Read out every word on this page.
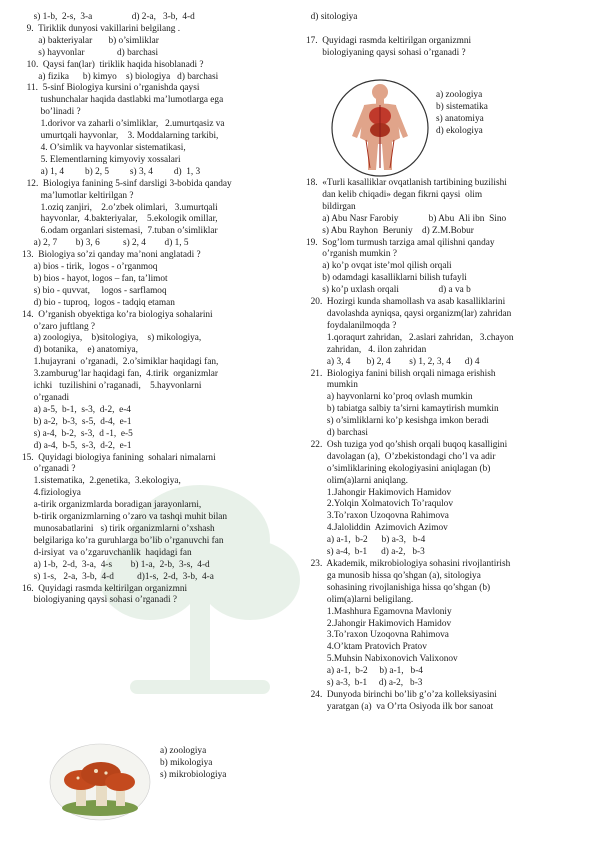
s) 1-b,  2-s,  3-a                 d) 2-a,   3-b,  4-d
9.  Tiriklik dunyosi vakillarini belgilang .
a) bakteriyalar       b) o’simliklar
s) hayvonlar              d) barchasi
10.  Qaysi fan(lar)  tiriklik haqida hisoblanadi ?
a) fizika      b) kimyo    s) biologiya   d) barchasi
11.  5-sinf Biologiya kursini o’rganishda qaysi
tushunchalar haqida dastlabki ma’lumotlarga ega
bo’linadi ?
1.dorivor va zaharli o’simliklar,   2.umurtqasiz va
umurtqali hayvonlar,    3. Moddalarning tarkibi,
4. O’simlik va hayvonlar sistematikasi,
5. Elementlarning kimyoviy xossalari
a) 1, 4         b) 2, 5         s) 3, 4         d)  1, 3
12.  Biologiya fanining 5-sinf darsligi 3-bobida qanday
ma’lumotlar keltirilgan ?
1.oziq zanjiri,    2.o’zbek olimlari,   3.umurtqali
hayvonlar,  4.bakteriyalar,    5.ekologik omillar,
6.odam organlari sistemasi,  7.tuban o’simliklar
a) 2, 7        b) 3, 6          s) 2, 4        d) 1, 5
13.  Biologiya so’zi qanday ma’noni anglatadi ?
a) bios - tirik,  logos - o’rganmoq
b) bios - hayot, logos – fan, ta’limot
s) bio - quvvat,     logos - sarflamoq
d) bio - tuproq,  logos - tadqiq etaman
14.  O’rganish obyektiga ko’ra biologiya sohalarini
o’zaro juftlang ?
a) zoologiya,    b)sitologiya,    s) mikologiya,
d) botanika,    e) anatomiya,
1.hujayrani  o’rganadi,  2.o’simiklar haqidagi fan,
3.zamburug’lar haqidagi fan,  4.tirik  organizmlar
ichki   tuzilishini o’raganadi,    5.hayvonlarni
o’rganadi
a) a-5,  b-1,  s-3,  d-2,  e-4
b) a-2,  b-3,  s-5,  d-4,  e-1
s) a-4,  b-2,  s-3,  d -1,  e-5
d) a-4,  b-5,  s-3,  d-2,  e-1
15.  Quyidagi biologiya fanining  sohalari nimalarni
o’rganadi ?
1.sistematika,  2.genetika,  3.ekologiya,
4.fiziologiya
a-tirik organizmlarda boradigan jarayonlarni,
b-tirik organizmlarning o’zaro va tashqi muhit bilan
munosabatlarini   s) tirik organizmlarni o’xshash
belgilariga ko’ra guruhlarga bo’lib o’rganuvchi fan
d-irsiyat  va o’zgaruvchanlik  haqidagi fan
a) 1-b,  2-d,  3-a,  4-s        b) 1-a,  2-b,  3-s,  4-d
s) 1-s,   2-a,  3-b,  4-d          d)1-s,  2-d,  3-b,  4-a
16.  Quyidagi rasmda keltirilgan organizmni
biologiyaning qaysi sohasi o’rganadi ?
a) zoologiya
b) mikologiya
s) mikrobiologiya
d) sitologiya

17.  Quyidagi rasmda keltirilgan organizmni
biologiyaning qaysi sohasi o’rganadi ?
a) zoologiya
b) sistematika
s) anatomiya
d) ekologiya
18.  «Turli kasalliklar ovqatlanish tartibining buzilishi
dan kelib chiqadi» degan fikrni qaysi  olim
bildirgan
a) Abu Nasr Farobiy             b) Abu  Ali ibn  Sino
s) Abu Rayhon  Beruniy    d) Z.M.Bobur
19.  Sog’lom turmush tarziga amal qilishni qanday
o’rganish mumkin ?
a) ko’p ovqat iste’mol qilish orqali
b) odamdagi kasalliklarni bilish tufayli
s) ko’p uxlash orqali                 d) a va b
20.  Hozirgi kunda shamollash va asab kasalliklarini
davolashda ayniqsa, qaysi organizm(lar) zahridan
foydalanilmoqda ?
1.qoraqurt zahridan,   2.aslari zahridan,   3.chayon
zahridan,   4. ilon zahridan
a) 3, 4       b) 2, 4        s) 1, 2, 3, 4      d) 4
21.  Biologiya fanini bilish orqali nimaga erishish
mumkin
a) hayvonlarni ko’proq ovlash mumkin
b) tabiatga salbiy ta’sirni kamaytirish mumkin
s) o’simliklarni ko’p kesishga imkon beradi
d) barchasi
22.  Osh tuziga yod qo’shish orqali buqoq kasalligini
davolagan (a),  O’zbekistondagi cho’l va adir
o’simliklarining ekologiyasini aniqlagan (b)
olim(a)larni aniqlang.
1.Jahongir Hakimovich Hamidov
2.Yolqin Xolmatovich To’raqulov
3.To’raxon Uzoqovna Rahimova
4.Jaloliddin  Azimovich Azimov
a) a-1,  b-2      b) a-3,   b-4
s) a-4,  b-1      d) a-2,   b-3
23.  Akademik, mikrobiologiya sohasini rivojlantirish
ga munosib hissa qo’shgan (a), sitologiya
sohasining rivojlanishiga hissa qo’shgan (b)
olim(a)larni beligilang.
1.Mashhura Egamovna Mavloniy
2.Jahongir Hakimovich Hamidov
3.To’raxon Uzoqovna Rahimova
4.O’ktam Pratovich Pratov
5.Muhsin Nabixonovich Valixonov
a) a-1,  b-2     b) a-1,   b-4
s) a-3,  b-1     d) a-2,   b-3
24.  Dunyoda birinchi bo’lib g’o’za kolleksiyasini
yaratgan (a)  va O’rta Osiyoda ilk bor sanoat
